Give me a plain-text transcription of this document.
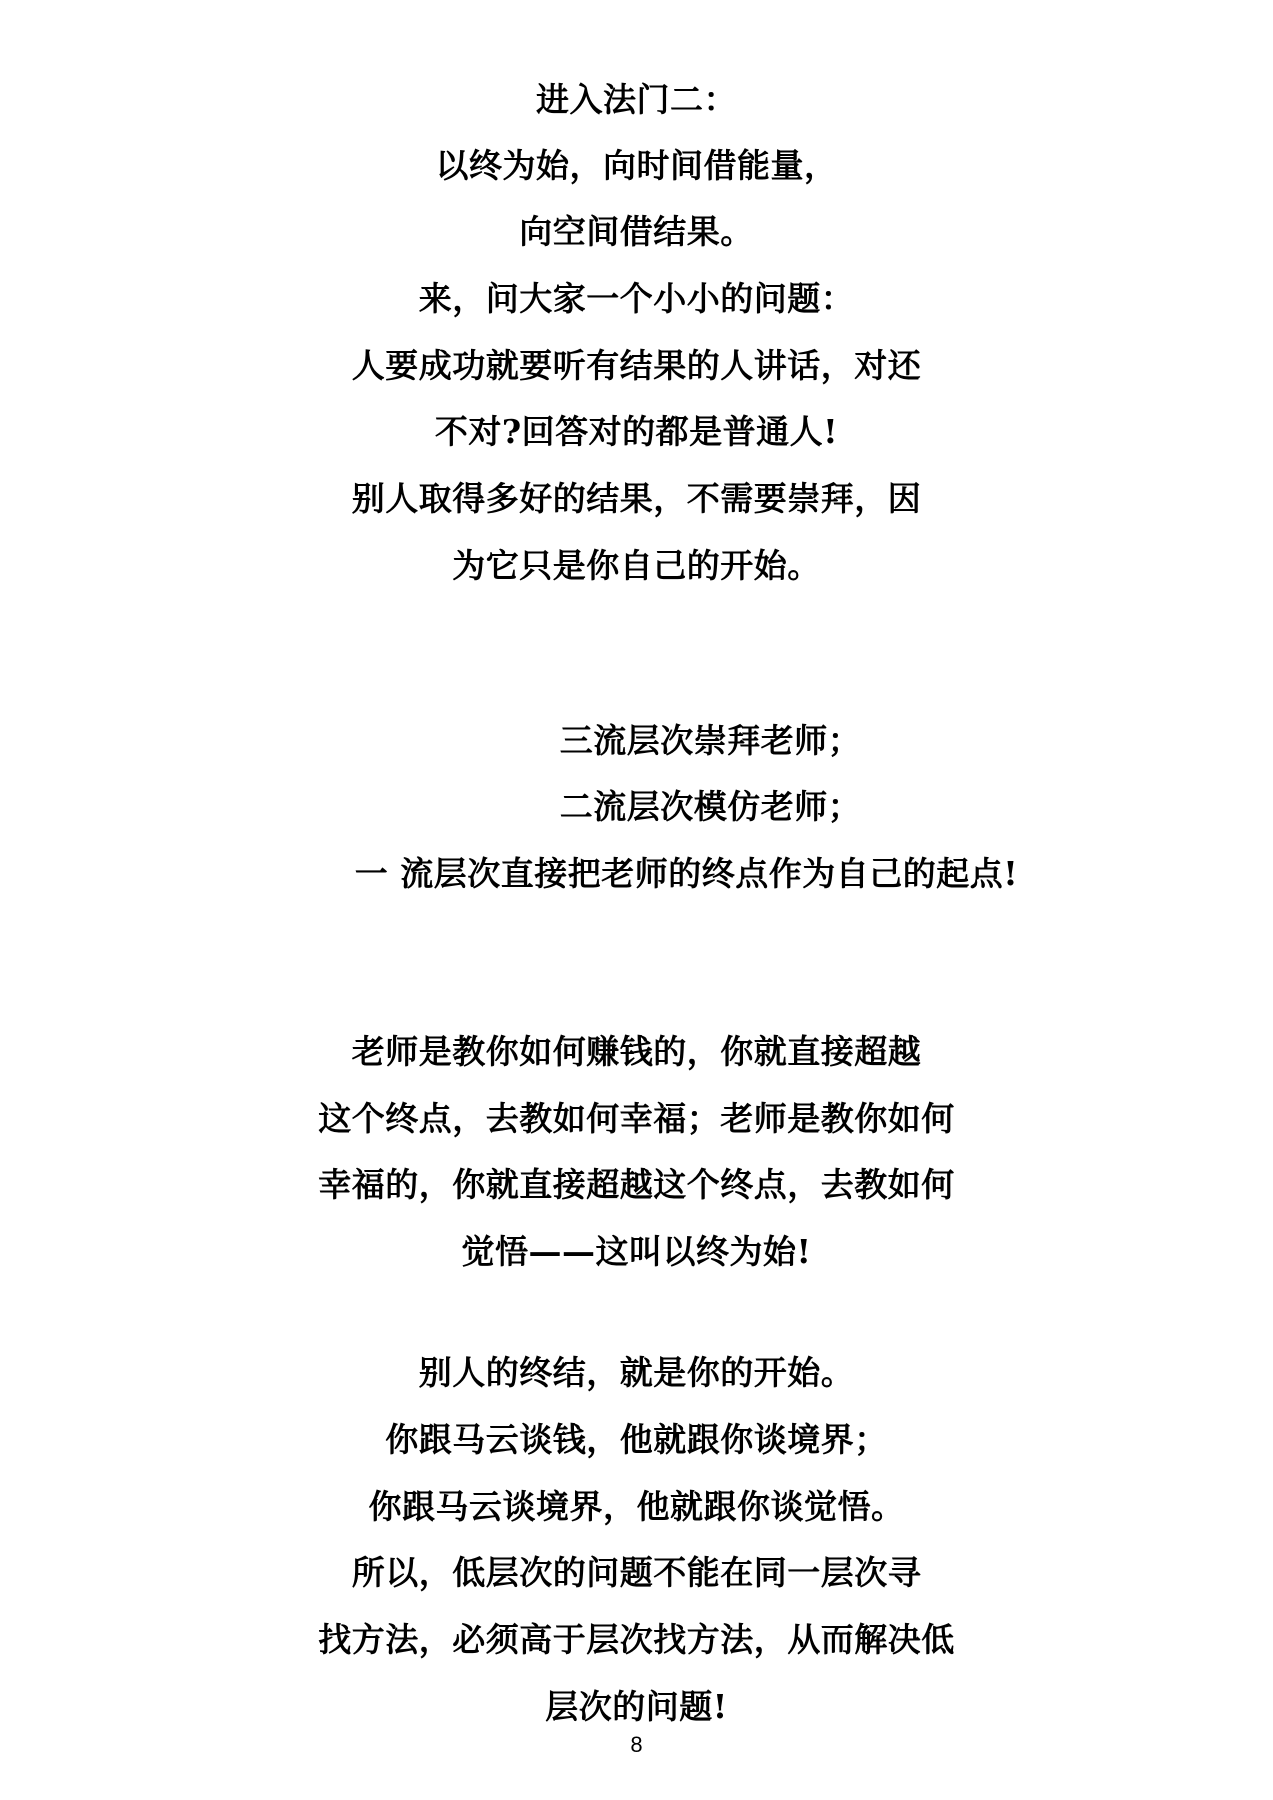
进入法门二：
以终为始，向时间借能量，
向空间借结果。
来，问大家一个小小的问题：
人要成功就要听有结果的人讲话，对还
不对?回答对的都是普通人!
别人取得多好的结果，不需要崇拜，因
为它只是你自己的开始。
三流层次崇拜老师；
二流层次模仿老师；
一 流层次直接把老师的终点作为自己的起点!
老师是教你如何赚钱的，你就直接超越
这个终点，去教如何幸福；老师是教你如何
幸福的，你就直接超越这个终点，去教如何
觉悟——这叫以终为始!
别人的终结，就是你的开始。
你跟马云谈钱，他就跟你谈境界；
你跟马云谈境界，他就跟你谈觉悟。
所以，低层次的问题不能在同一层次寻
找方法，必须高于层次找方法，从而解决低
层次的问题!
8
